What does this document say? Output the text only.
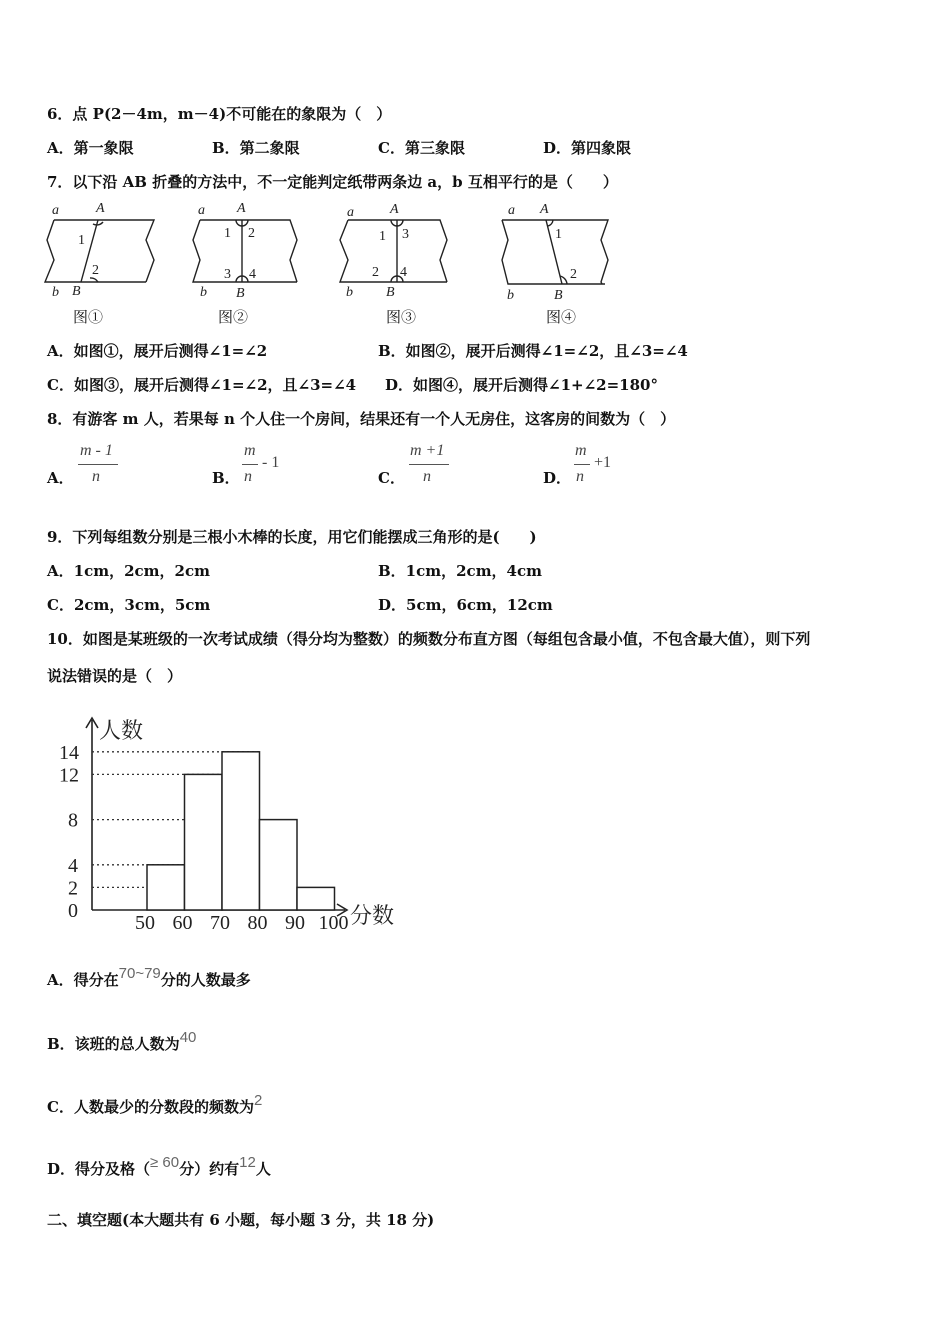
6．点 P(2－4m，m－4)不可能在的象限为（　）
A．第一象限	B．第二象限	C．第三象限	D．第四象限
7．以下沿 AB 折叠的方法中，不一定能判定纸带两条边 a，b 互相平行的是（　　）
a	A
1
2
b B
a A
1 2
3 4
b B
a	A
1 3
2 4
b B
a A
1
2
b	B
图①	图②	图③	图④
A．如图①，展开后测得∠1=∠2	B．如图②，展开后测得∠1=∠2，且∠3=∠4
C．如图③，展开后测得∠1=∠2，且∠3=∠4 D．如图④，展开后测得∠1+∠2=180°
8．有游客 m 人，若果每 n 个人住一个房间，结果还有一个人无房住，这客房的间数为（　）
A．
m - 1
n	B．
m
n
- 1
C．
m +1
n	D．
m
n
+1
9．下列每组数分别是三根小木棒的长度，用它们能摆成三角形的是(　　)
A．1cm，2cm，2cm	B．1cm，2cm，4cm
C．2cm，3cm，5cm	D．5cm，6cm，12cm
10．如图是某班级的一次考试成绩（得分均为整数）的频数分布直方图（每组包含最小值，不包含最大值），则下列
说法错误的是（　）
0
2
4
8
12
14
50 60 70 80 90 100
人数
分数
A．得分在70~79分的人数最多
B．该班的总人数为40
C．人数最少的分数段的频数为2
D．得分及格（≥ 60分）约有12人
二、填空题(本大题共有 6 小题，每小题 3 分，共 18 分)
